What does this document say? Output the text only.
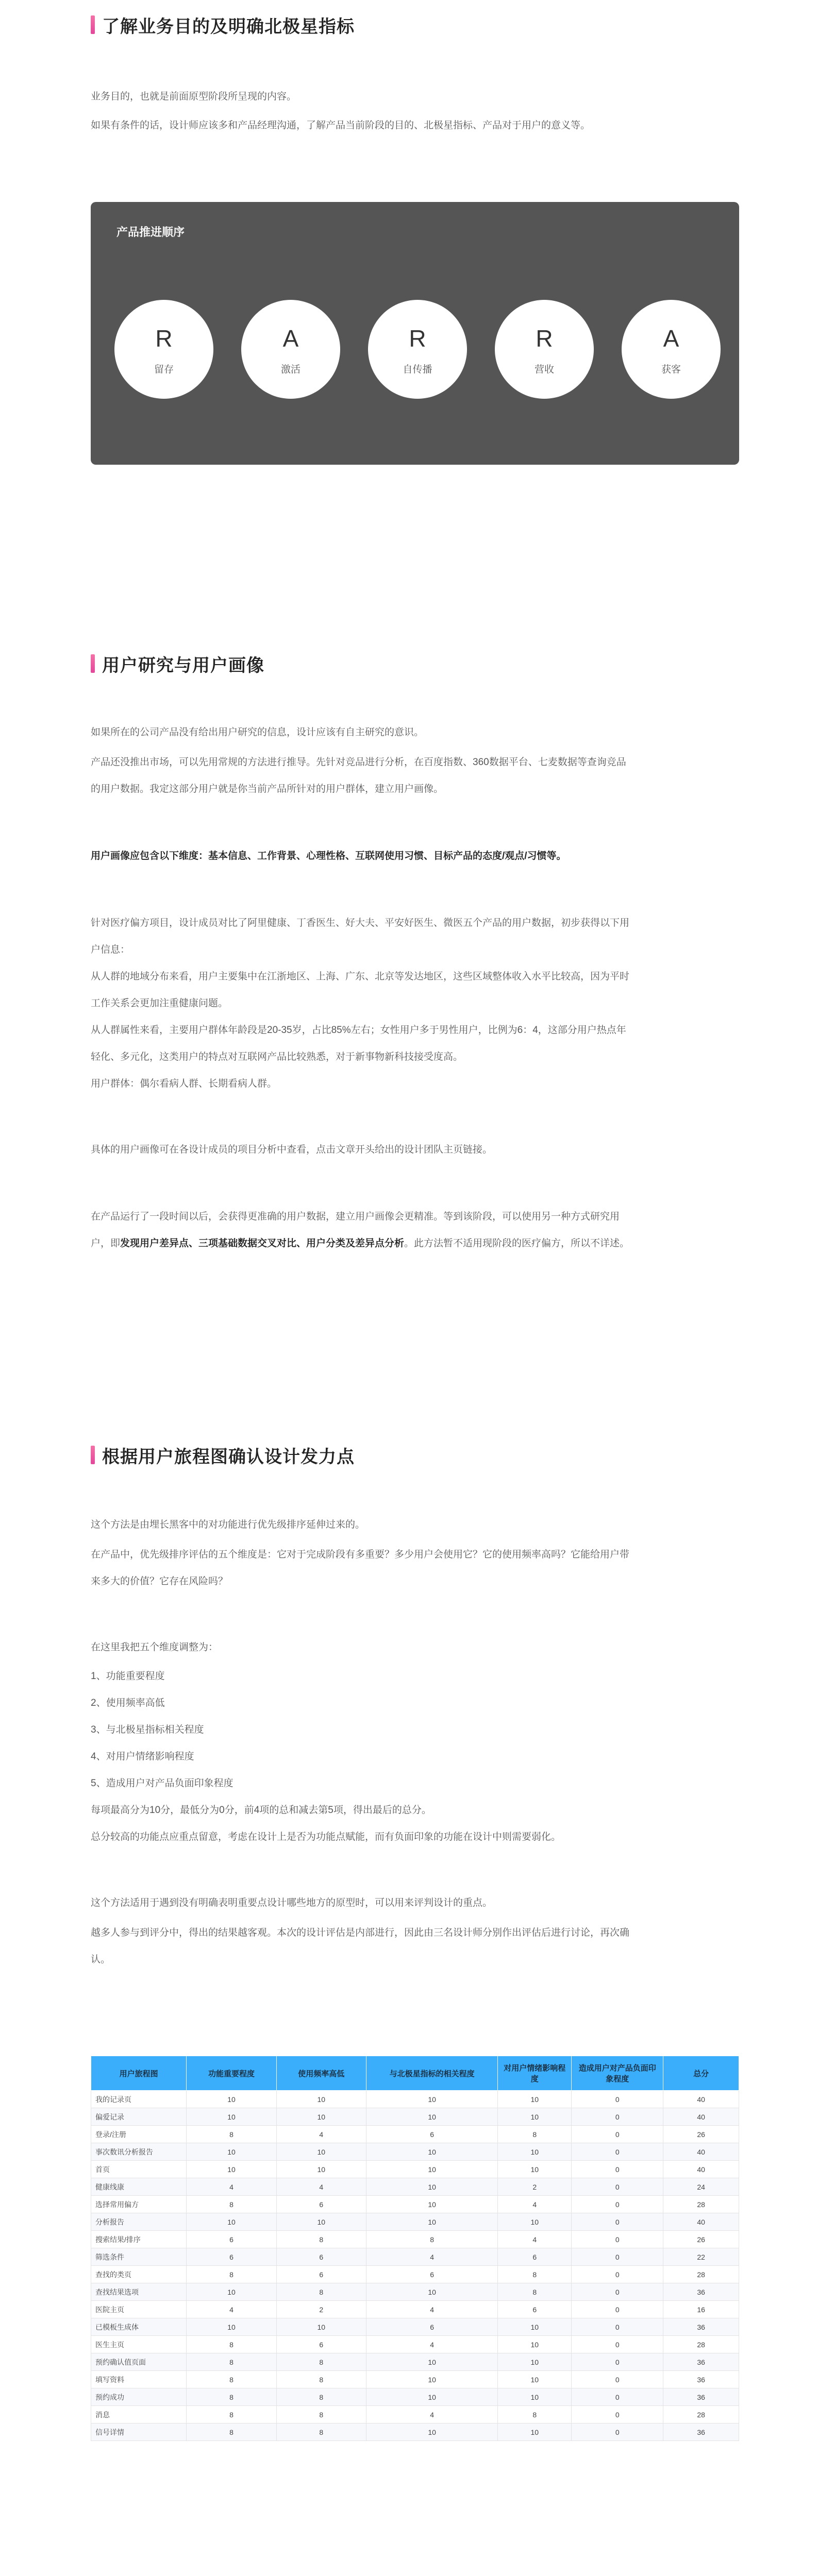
了解业务目的及明确北极星指标

业务目的，也就是前面原型阶段所呈现的内容。

如果有条件的话，设计师应该多和产品经理沟通，了解产品当前阶段的目的、北极星指标、产品对于用户的意义等。

产品推进顺序
R
留存
A
激活
R
自传播
R
营收
A
获客
用户研究与用户画像

如果所在的公司产品没有给出用户研究的信息，设计应该有自主研究的意识。

产品还没推出市场，可以先用常规的方法进行推导。先针对竞品进行分析，在百度指数、360数据平台、七麦数据等查询竞品

的用户数据。我定这部分用户就是你当前产品所针对的用户群体，建立用户画像。

用户画像应包含以下维度：基本信息、工作背景、心理性格、互联网使用习惯、目标产品的态度/观点/习惯等。

针对医疗偏方项目，设计成员对比了阿里健康、丁香医生、好大夫、平安好医生、微医五个产品的用户数据，初步获得以下用

户信息：

从人群的地域分布来看，用户主要集中在江浙地区、上海、广东、北京等发达地区，这些区域整体收入水平比较高，因为平时

工作关系会更加注重健康问题。

从人群属性来看，主要用户群体年龄段是20-35岁，占比85%左右；女性用户多于男性用户，比例为6：4，这部分用户热点年

轻化、多元化，这类用户的特点对互联网产品比较熟悉，对于新事物新科技接受度高。

用户群体：偶尔看病人群、长期看病人群。

具体的用户画像可在各设计成员的项目分析中查看，点击文章开头给出的设计团队主页链接。

在产品运行了一段时间以后，会获得更准确的用户数据，建立用户画像会更精准。等到该阶段，可以使用另一种方式研究用

户，即发现用户差异点、三项基础数据交叉对比、用户分类及差异点分析。此方法暂不适用现阶段的医疗偏方，所以不详述。

根据用户旅程图确认设计发力点

这个方法是由埋长黑客中的对功能进行优先级排序延伸过来的。

在产品中，优先级排序评估的五个维度是：它对于完成阶段有多重要？多少用户会使用它？它的使用频率高吗？它能给用户带

来多大的价值？它存在风险吗？

在这里我把五个维度调整为：

1、功能重要程度

2、使用频率高低

3、与北极星指标相关程度

4、对用户情绪影响程度

5、造成用户对产品负面印象程度

每项最高分为10分，最低分为0分，前4项的总和减去第5项，得出最后的总分。

总分较高的功能点应重点留意，考虑在设计上是否为功能点赋能，而有负面印象的功能在设计中则需要弱化。

这个方法适用于遇到没有明确表明重要点设计哪些地方的原型时，可以用来评判设计的重点。

越多人参与到评分中，得出的结果越客观。本次的设计评估是内部进行，因此由三名设计师分别作出评估后进行讨论，再次确

认。

用户旅程图	功能重要程度	使用频率高低	与北极星指标的相关程度	对用户情绪影响程度	造成用户对产品负面印象程度	总分
我的记录页	10	10	10	10	0	40
偏爱记录	10	10	10	10	0	40
登录/注册	8	4	6	8	0	26
事次数讯分析报告	10	10	10	10	0	40
首页	10	10	10	10	0	40
健康线康	4	4	10	2	0	24
选择常用偏方	8	6	10	4	0	28
分析报告	10	10	10	10	0	40
搜索结果/排序	6	8	8	4	0	26
筛选条件	6	6	4	6	0	22
查找的类页	8	6	6	8	0	28
查找结果选项	10	8	10	8	0	36
医院主页	4	2	4	6	0	16
已模板生成体	10	10	6	10	0	36
医生主页	8	6	4	10	0	28
预约确认值页面	8	8	10	10	0	36
填写资料	8	8	10	10	0	36
预约成功	8	8	10	10	0	36
消息	8	8	4	8	0	28
信号详情	8	8	10	10	0	36
